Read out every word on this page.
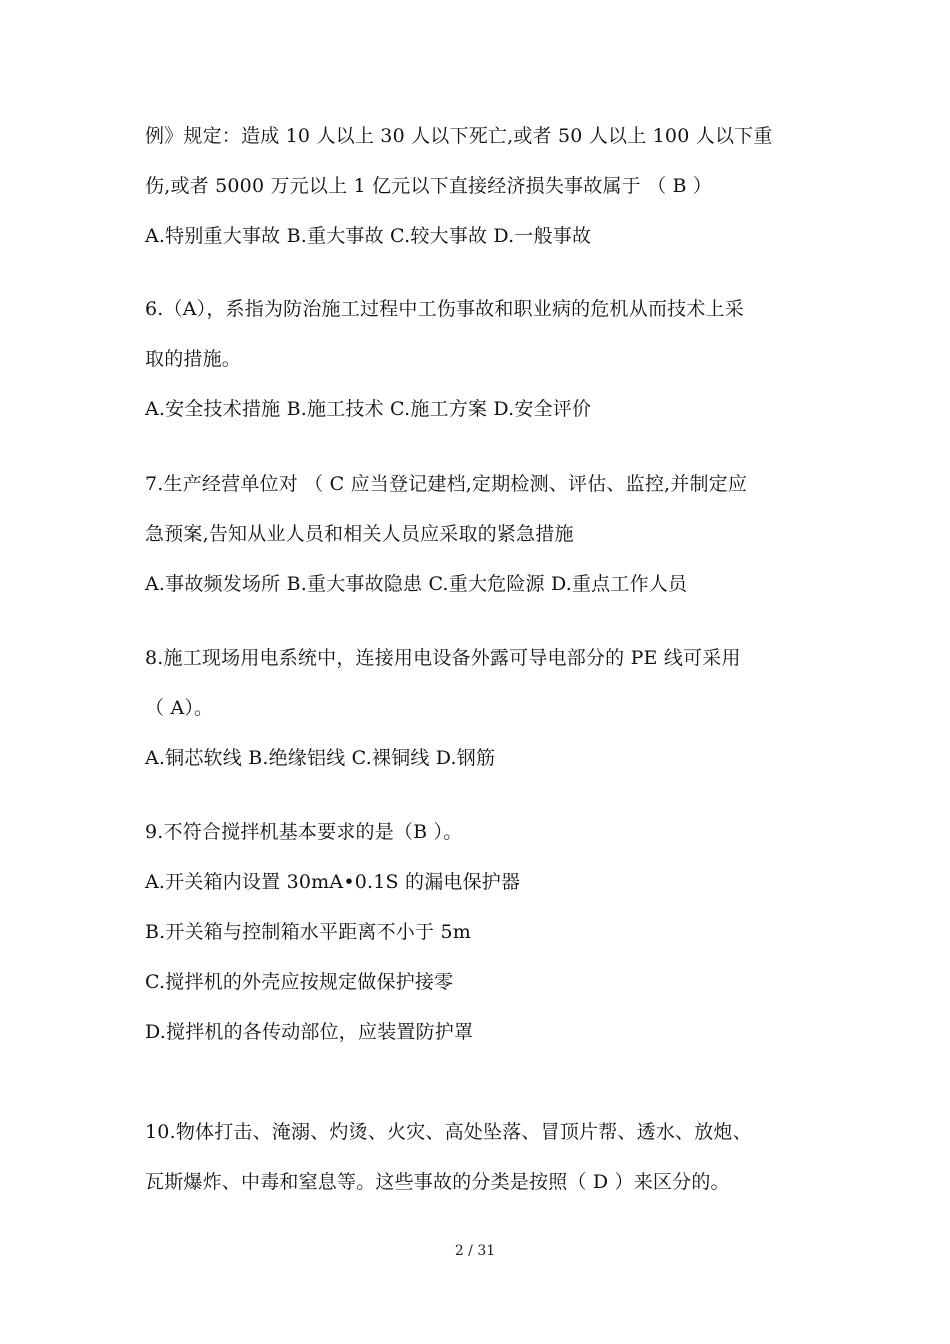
例》规定：造成 10 人以上 30 人以下死亡,或者 50 人以上 100 人以下重
伤,或者 5000 万元以上 1 亿元以下直接经济损失事故属于 （ B ）
A.特别重大事故 B.重大事故 C.较大事故 D.一般事故
6.（A），系指为防治施工过程中工伤事故和职业病的危机从而技术上采
取的措施。
A.安全技术措施 B.施工技术 C.施工方案 D.安全评价
7.生产经营单位对 （ C 应当登记建档,定期检测、评估、监控,并制定应
急预案,告知从业人员和相关人员应采取的紧急措施
A.事故频发场所 B.重大事故隐患 C.重大危险源 D.重点工作人员
8.施工现场用电系统中，连接用电设备外露可导电部分的 PE 线可采用
（ A）。
A.铜芯软线 B.绝缘铝线 C.裸铜线 D.钢筋
9.不符合搅拌机基本要求的是（B ）。
A.开关箱内设置 30mA•0.1S 的漏电保护器
B.开关箱与控制箱水平距离不小于 5m
C.搅拌机的外壳应按规定做保护接零
D.搅拌机的各传动部位，应装置防护罩
10.物体打击、淹溺、灼烫、火灾、高处坠落、冒顶片帮、透水、放炮、
瓦斯爆炸、中毒和窒息等。这些事故的分类是按照（ D ）来区分的。
2 / 31
